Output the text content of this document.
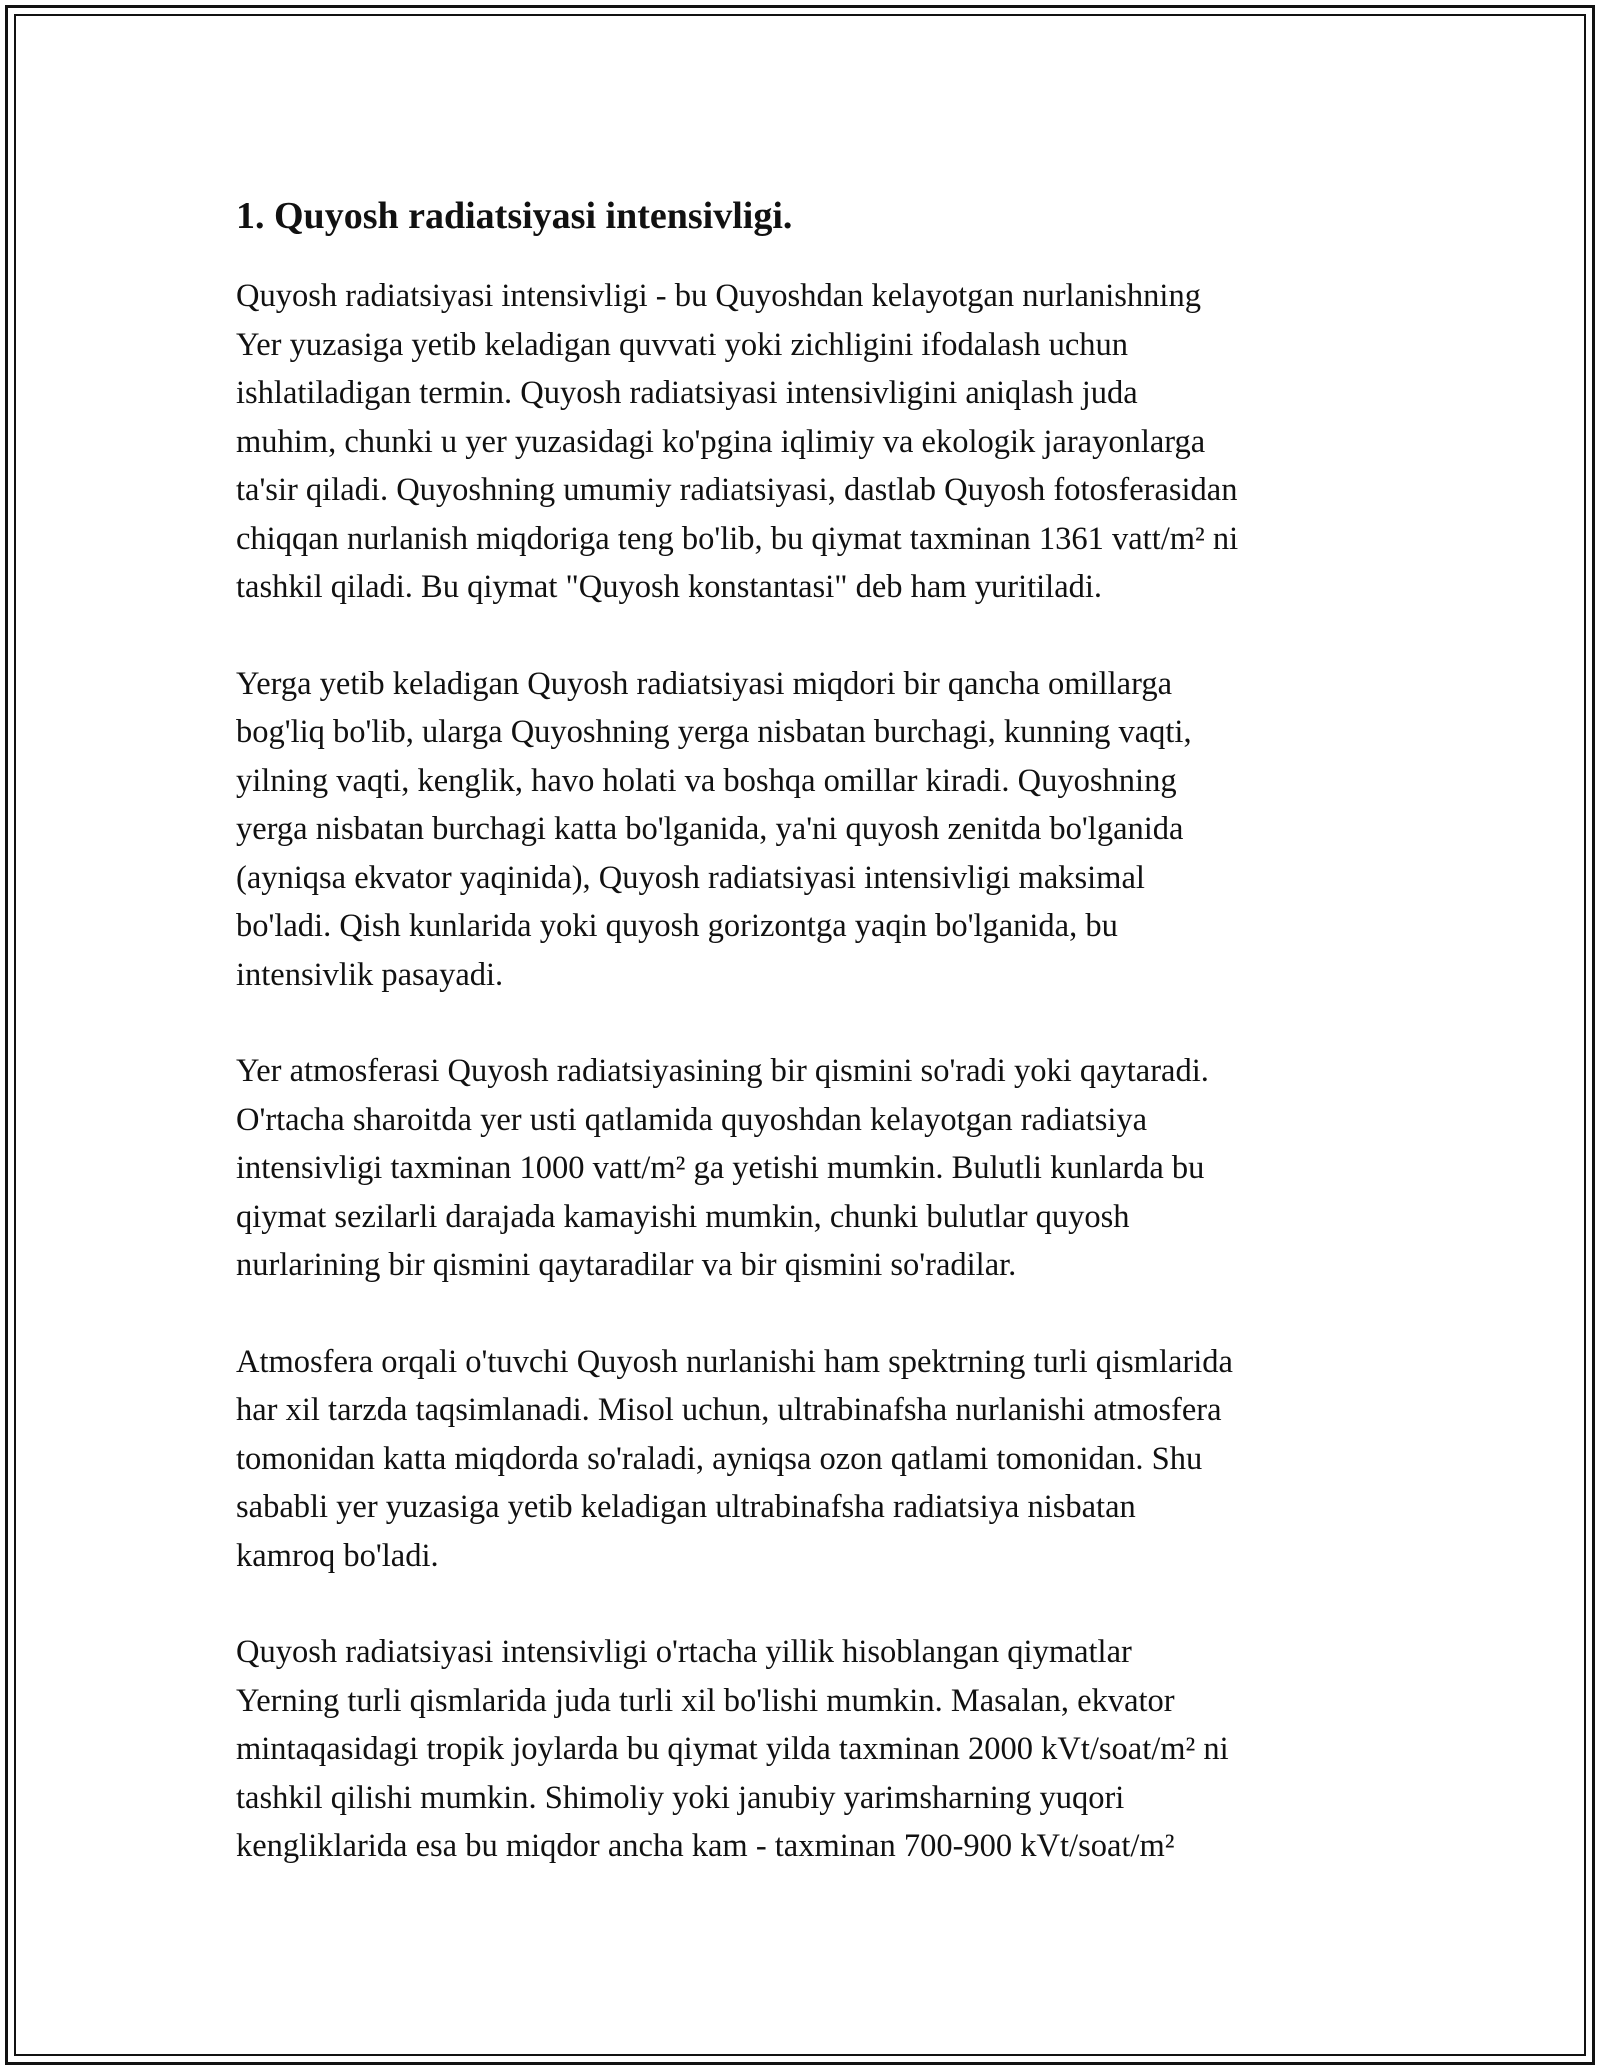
1. Quyosh radiatsiyasi intensivligi.

Quyosh radiatsiyasi intensivligi - bu Quyoshdan kelayotgan nurlanishning
Yer yuzasiga yetib keladigan quvvati yoki zichligini ifodalash uchun
ishlatiladigan termin. Quyosh radiatsiyasi intensivligini aniqlash juda
muhim, chunki u yer yuzasidagi ko'pgina iqlimiy va ekologik jarayonlarga
ta'sir qiladi. Quyoshning umumiy radiatsiyasi, dastlab Quyosh fotosferasidan
chiqqan nurlanish miqdoriga teng bo'lib, bu qiymat taxminan 1361 vatt/m² ni
tashkil qiladi. Bu qiymat "Quyosh konstantasi" deb ham yuritiladi.

Yerga yetib keladigan Quyosh radiatsiyasi miqdori bir qancha omillarga
bog'liq bo'lib, ularga Quyoshning yerga nisbatan burchagi, kunning vaqti,
yilning vaqti, kenglik, havo holati va boshqa omillar kiradi. Quyoshning
yerga nisbatan burchagi katta bo'lganida, ya'ni quyosh zenitda bo'lganida
(ayniqsa ekvator yaqinida), Quyosh radiatsiyasi intensivligi maksimal
bo'ladi. Qish kunlarida yoki quyosh gorizontga yaqin bo'lganida, bu
intensivlik pasayadi.

Yer atmosferasi Quyosh radiatsiyasining bir qismini so'radi yoki qaytaradi.
O'rtacha sharoitda yer usti qatlamida quyoshdan kelayotgan radiatsiya
intensivligi taxminan 1000 vatt/m² ga yetishi mumkin. Bulutli kunlarda bu
qiymat sezilarli darajada kamayishi mumkin, chunki bulutlar quyosh
nurlarining bir qismini qaytaradilar va bir qismini so'radilar.

Atmosfera orqali o'tuvchi Quyosh nurlanishi ham spektrning turli qismlarida
har xil tarzda taqsimlanadi. Misol uchun, ultrabinafsha nurlanishi atmosfera
tomonidan katta miqdorda so'raladi, ayniqsa ozon qatlami tomonidan. Shu
sababli yer yuzasiga yetib keladigan ultrabinafsha radiatsiya nisbatan
kamroq bo'ladi.

Quyosh radiatsiyasi intensivligi o'rtacha yillik hisoblangan qiymatlar
Yerning turli qismlarida juda turli xil bo'lishi mumkin. Masalan, ekvator
mintaqasidagi tropik joylarda bu qiymat yilda taxminan 2000 kVt/soat/m² ni
tashkil qilishi mumkin. Shimoliy yoki janubiy yarimsharning yuqori
kengliklarida esa bu miqdor ancha kam - taxminan 700-900 kVt/soat/m²
